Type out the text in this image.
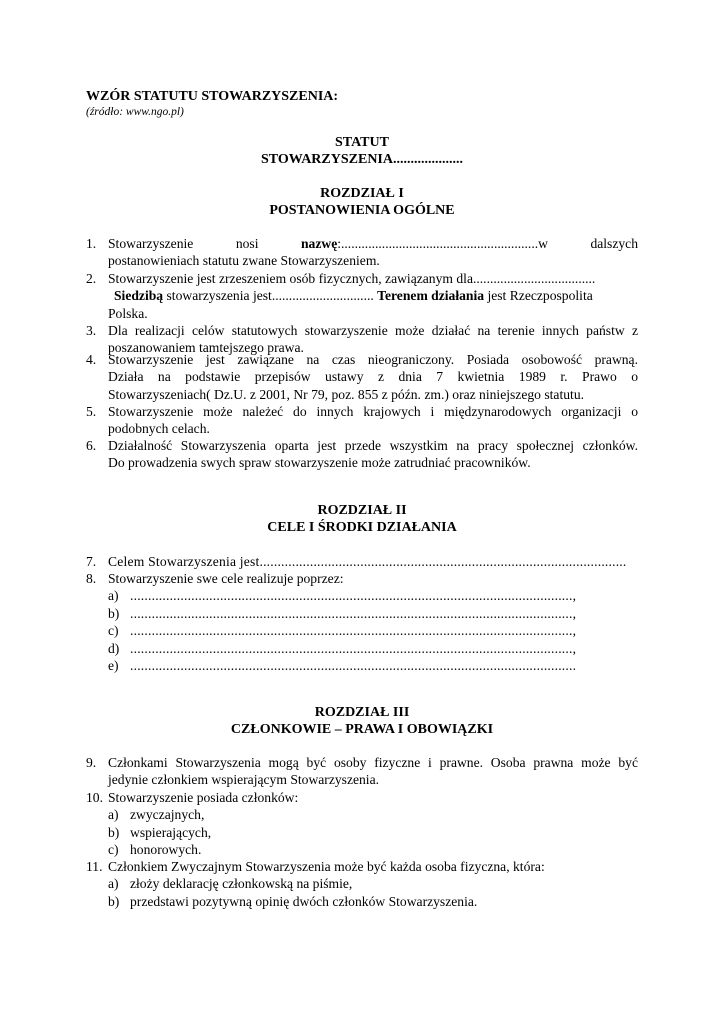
WZÓR STATUTU STOWARZYSZENIA:
(źródło: www.ngo.pl)
STATUT
STOWARZYSZENIA....................
ROZDZIAŁ I
POSTANOWIENIA OGÓLNE
1. Stowarzyszenie	nosi	nazwę:..........................................................w	dalszych
postanowieniach statutu zwane Stowarzyszeniem.
2. Stowarzyszenie jest zrzeszeniem osób fizycznych, zawiązanym dla....................................
Siedzibą stowarzyszenia jest.............................. Terenem działania jest Rzeczpospolita
Polska.
3. Dla realizacji celów statutowych stowarzyszenie może działać na terenie innych państw z
poszanowaniem tamtejszego prawa.
4. Stowarzyszenie jest zawiązane na czas nieograniczony. Posiada osobowość prawną.
Działa na podstawie przepisów ustawy z dnia 7 kwietnia 1989 r. Prawo o
Stowarzyszeniach( Dz.U. z 2001, Nr 79, poz. 855 z późn. zm.) oraz niniejszego statutu.
5. Stowarzyszenie może należeć do innych krajowych i międzynarodowych organizacji o
podobnych celach.
6. Działalność Stowarzyszenia oparta jest przede wszystkim na pracy społecznej członków.
Do prowadzenia swych spraw stowarzyszenie może zatrudniać pracowników.
ROZDZIAŁ II
CELE I ŚRODKI DZIAŁANIA
7. Celem Stowarzyszenia jest......................................................................................................
8. Stowarzyszenie swe cele realizuje poprzez:
a) ...........................................................................................................................,
b) ...........................................................................................................................,
c) ...........................................................................................................................,
d) ...........................................................................................................................,
e) ............................................................................................................................
ROZDZIAŁ III
CZŁONKOWIE – PRAWA I OBOWIĄZKI
9. Członkami Stowarzyszenia mogą być osoby fizyczne i prawne. Osoba prawna może być
jedynie członkiem wspierającym Stowarzyszenia.
10. Stowarzyszenie posiada członków:
a) zwyczajnych,
b) wspierających,
c) honorowych.
11. Członkiem Zwyczajnym Stowarzyszenia może być każda osoba fizyczna, która:
a) złoży deklarację członkowską na piśmie,
b) przedstawi pozytywną opinię dwóch członków Stowarzyszenia.
